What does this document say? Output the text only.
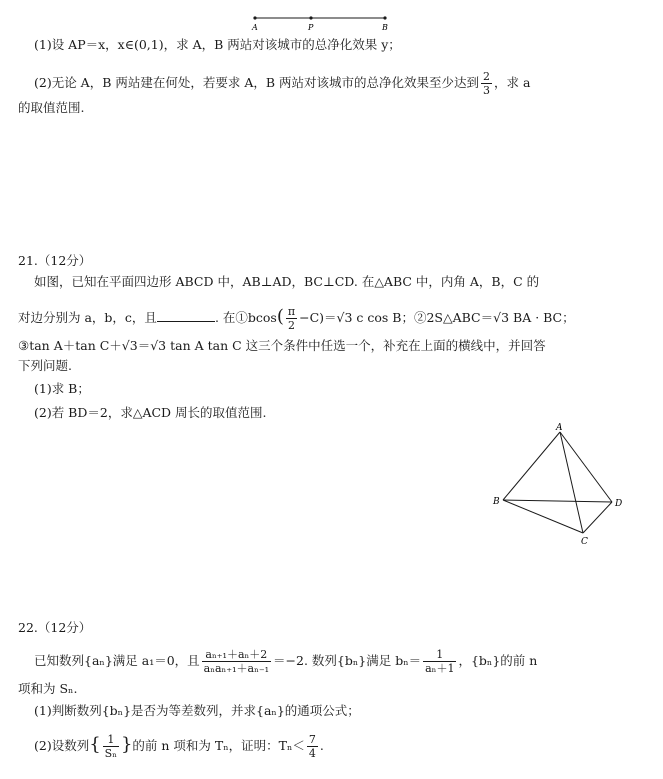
A	P	B
(1)设 AP＝x，x∈(0,1)，求 A，B 两站对该城市的总净化效果 y；
(2)无论 A，B 两站建在何处，若要求 A，B 两站对该城市的总净化效果至少达到 $\frac{2}{3}$ ，求 a
的取值范围.
21.（12分）
如图，已知在平面四边形 ABCD 中，AB⊥AD，BC⊥CD. 在△ABC 中，内角 A，B，C 的
对边分别为 a，b，c，且	. 在①bcos( $\frac{\pi}{2} -C)=√3$ c cos B；②2S△ABC＝√3 BA · BC；
③tan A＋tan C＋√3＝√3 tan A tan C 这三个条件中任选一个，补充在上面的横线中，并回答
下列问题.
(1)求 B；
(2)若 BD＝2，求△ACD 周长的取值范围.
A
B
C
D
22.（12分）
已知数列{aₙ}满足 a₁＝0，且 $\frac{\text{aₙ₊₁＋aₙ＋2}}{\text{aₙaₙ₊₁＋aₙ₋₁}} =-2$. 数列{bₙ}满足 $b_n= \frac{1}{\text{aₙ＋1}}$ ，{bₙ}的前 n
项和为 Sₙ.
(1)判断数列{bₙ}是否为等差数列，并求{aₙ}的通项公式；
(2)设数列{ $\frac{1}{\text{Sₙ}}$ }的前 n 项和为 Tₙ，证明：$T_n< \frac{7}{4}$ .
